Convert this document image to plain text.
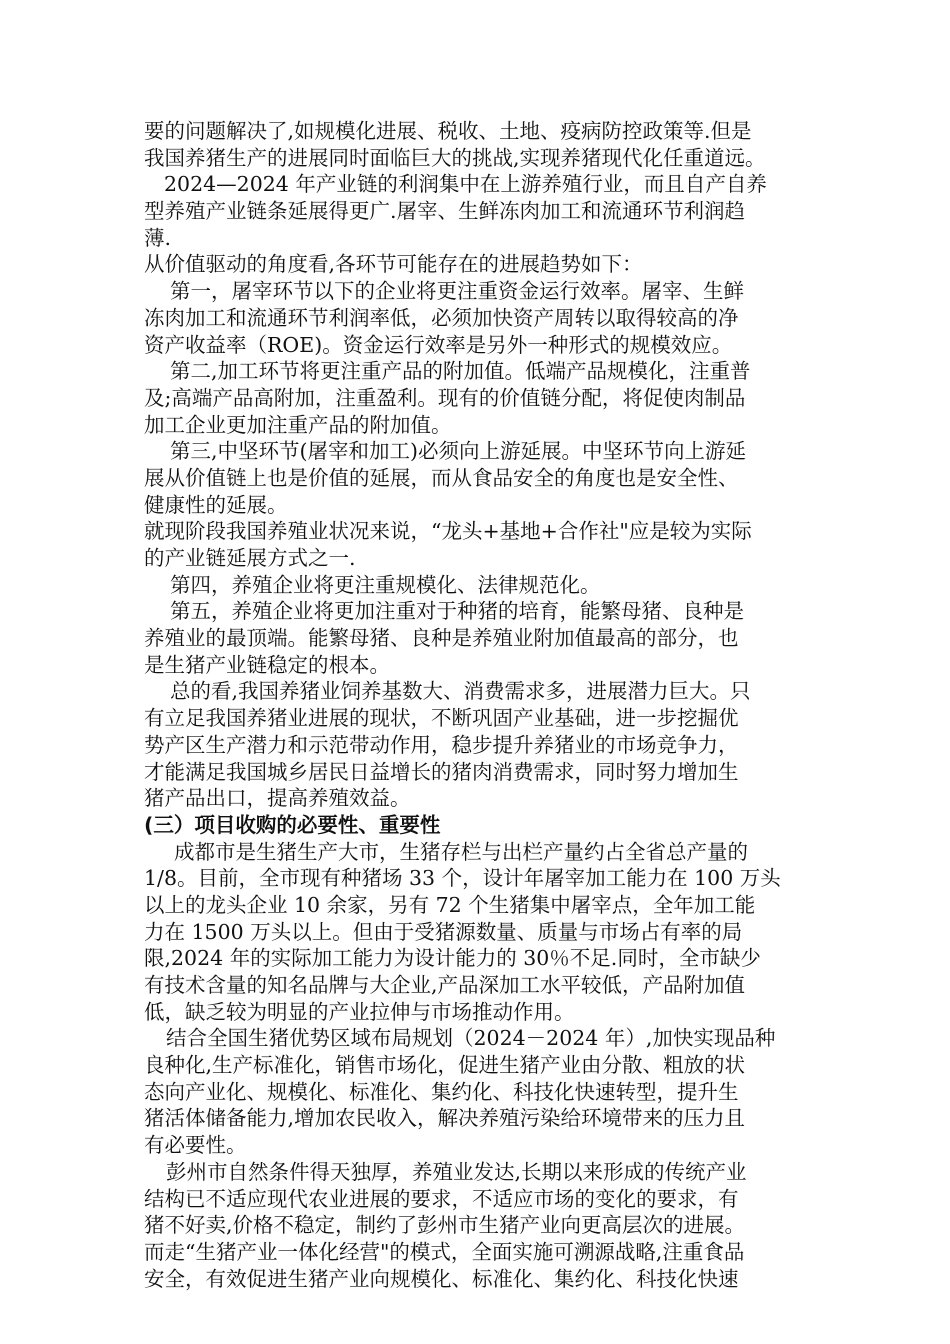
要的问题解决了,如规模化进展、税收、土地、疫病防控政策等.但是
我国养猪生产的进展同时面临巨大的挑战,实现养猪现代化任重道远。
2024—2024 年产业链的利润集中在上游养殖行业，而且自产自养
型养殖产业链条延展得更广.屠宰、生鲜冻肉加工和流通环节利润趋
薄.
从价值驱动的角度看,各环节可能存在的进展趋势如下：
第一，屠宰环节以下的企业将更注重资金运行效率。屠宰、生鲜
冻肉加工和流通环节利润率低，必须加快资产周转以取得较高的净
资产收益率（ROE)。资金运行效率是另外一种形式的规模效应。
第二,加工环节将更注重产品的附加值。低端产品规模化，注重普
及;高端产品高附加，注重盈利。现有的价值链分配，将促使肉制品
加工企业更加注重产品的附加值。
第三,中坚环节(屠宰和加工)必须向上游延展。中坚环节向上游延
展从价值链上也是价值的延展，而从食品安全的角度也是安全性、
健康性的延展。
就现阶段我国养殖业状况来说，“龙头+基地+合作社"应是较为实际
的产业链延展方式之一.
第四，养殖企业将更注重规模化、法律规范化。
第五，养殖企业将更加注重对于种猪的培育，能繁母猪、良种是
养殖业的最顶端。能繁母猪、良种是养殖业附加值最高的部分，也
是生猪产业链稳定的根本。
总的看,我国养猪业饲养基数大、消费需求多，进展潜力巨大。只
有立足我国养猪业进展的现状，不断巩固产业基础，进一步挖掘优
势产区生产潜力和示范带动作用，稳步提升养猪业的市场竞争力，
才能满足我国城乡居民日益增长的猪肉消费需求，同时努力增加生
猪产品出口，提高养殖效益。
(三）项目收购的必要性、重要性
成都市是生猪生产大市，生猪存栏与出栏产量约占全省总产量的
1/8。目前，全市现有种猪场 33 个，设计年屠宰加工能力在 100 万头
以上的龙头企业 10 余家，另有 72 个生猪集中屠宰点，全年加工能
力在 1500 万头以上。但由于受猪源数量、质量与市场占有率的局
限,2024 年的实际加工能力为设计能力的 30％不足.同时，全市缺少
有技术含量的知名品牌与大企业,产品深加工水平较低，产品附加值
低，缺乏较为明显的产业拉伸与市场推动作用。
结合全国生猪优势区域布局规划（2024－2024 年）,加快实现品种
良种化,生产标准化，销售市场化，促进生猪产业由分散、粗放的状
态向产业化、规模化、标准化、集约化、科技化快速转型，提升生
猪活体储备能力,增加农民收入，解决养殖污染给环境带来的压力且
有必要性。
彭州市自然条件得天独厚，养殖业发达,长期以来形成的传统产业
结构已不适应现代农业进展的要求，不适应市场的变化的要求，有
猪不好卖,价格不稳定，制约了彭州市生猪产业向更高层次的进展。
而走“生猪产业一体化经营"的模式，全面实施可溯源战略,注重食品
安全，有效促进生猪产业向规模化、标准化、集约化、科技化快速
